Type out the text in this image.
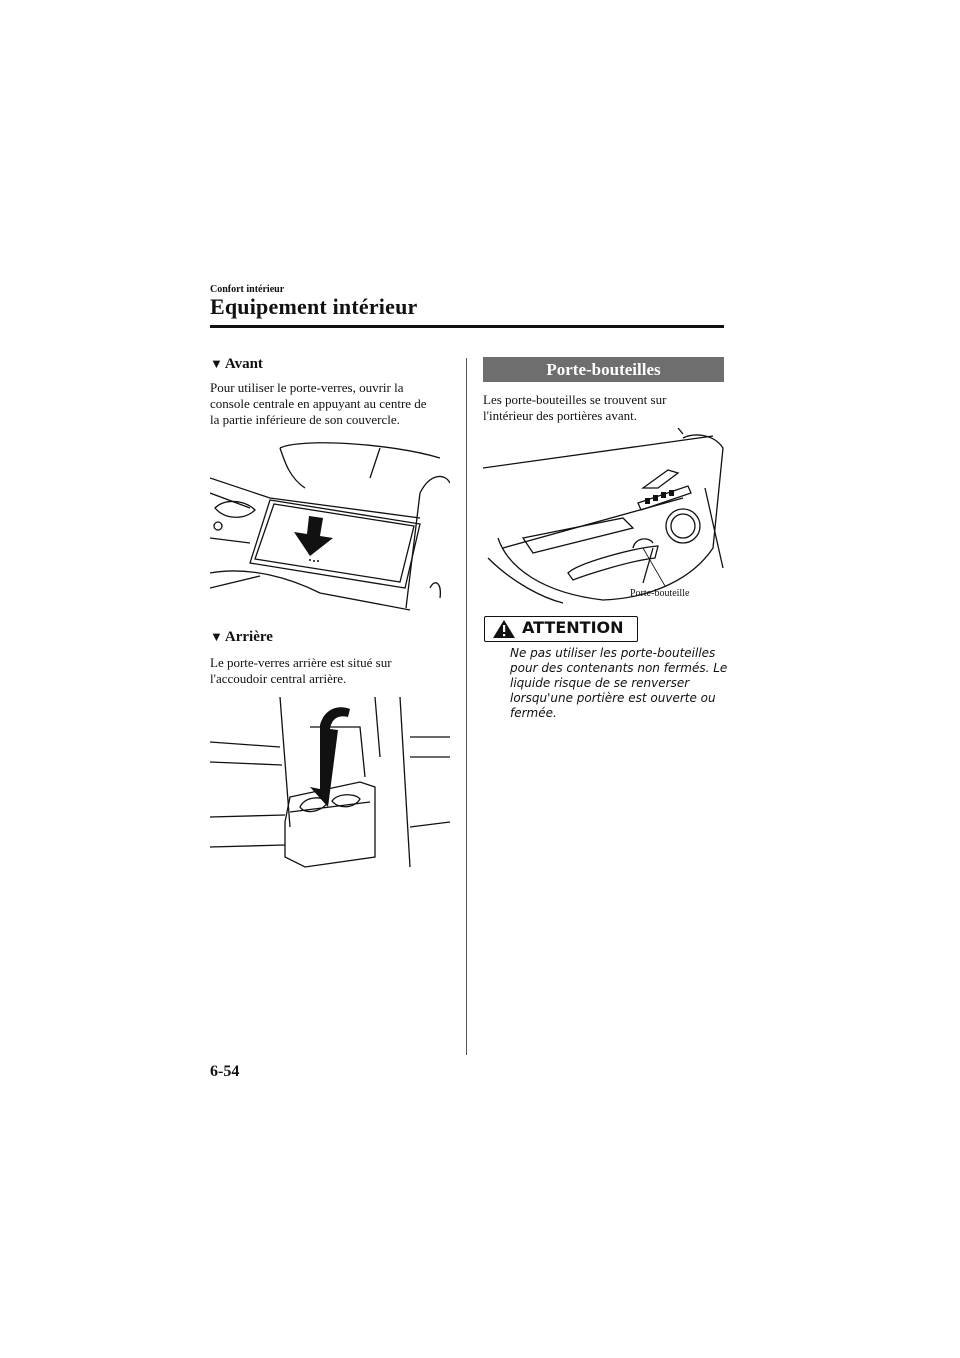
Confort intérieur
Equipement intérieur
▼ Avant
Pour utiliser le porte-verres, ouvrir la
console centrale en appuyant au centre de
la partie inférieure de son couvercle.
▼ Arrière
Le porte-verres arrière est situé sur
l'accoudoir central arrière.
Porte-bouteilles
Les porte-bouteilles se trouvent sur
l'intérieur des portières avant.
Porte-bouteille
ATTENTION
Ne pas utiliser les porte-bouteilles
pour des contenants non fermés. Le
liquide risque de se renverser
lorsqu'une portière est ouverte ou
fermée.
6-54
